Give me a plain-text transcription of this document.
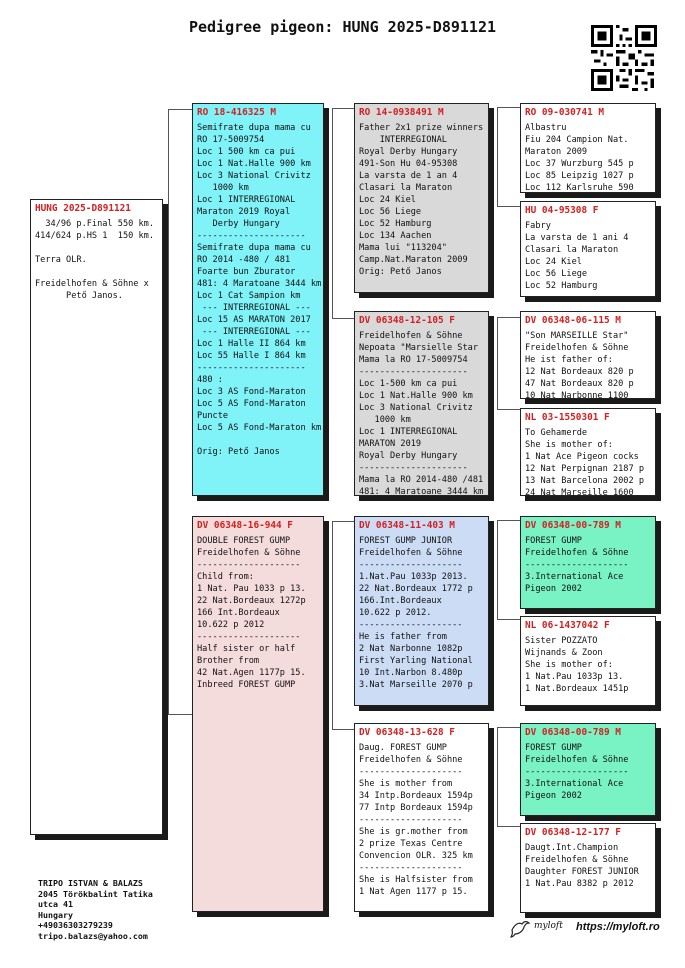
Pedigree pigeon: HUNG 2025-D891121
HUNG 2025-D891121
34/96 p.Final 550 km.
414/624 p.HS 1  150 km.

Terra OLR.

Freidelhofen & Söhne x
Pető Janos.
RO 18-416325 M
Semifrate dupa mama cu
RO 17-5009754
Loc 1 500 km ca pui
Loc 1 Nat.Halle 900 km
Loc 3 National Crivitz
1000 km
Loc 1 INTERREGIONAL
Maraton 2019 Royal
Derby Hungary
---------------------
Semifrate dupa mama cu
RO 2014 -480 / 481
Foarte bun Zburator
481: 4 Maratoane 3444 km
Loc 1 Cat Sampion km
--- INTERREGIONAL ---
Loc 15 AS MARATON 2017
--- INTERREGIONAL ---
Loc 1 Halle II 864 km
Loc 55 Halle I 864 km
---------------------
480 :
Loc 3 AS Fond-Maraton
Loc 5 AS Fond-Maraton
Puncte
Loc 5 AS Fond-Maraton km

Orig: Pető Janos
DV 06348-16-944 F
DOUBLE FOREST GUMP
Freidelhofen & Söhne
--------------------
Child from:
1 Nat. Pau 1033 p 13.
22 Nat.Bordeaux 1272p
166 Int.Bordeaux
10.622 p 2012
--------------------
Half sister or half
Brother from
42 Nat.Agen 1177p 15.
Inbreed FOREST GUMP
RO 14-0938491 M
Father 2x1 prize winners
INTERREGIONAL
Royal Derby Hungary
491-Son Hu 04-95308
La varsta de 1 an 4
Clasari la Maraton
Loc 24 Kiel
Loc 56 Liege
Loc 52 Hamburg
Loc 134 Aachen
Mama lui "113204"
Camp.Nat.Maraton 2009
Orig: Pető Janos
DV 06348-12-105 F
Freidelhofen & Söhne
Nepoata "Marsielle Star
Mama la RO 17-5009754
---------------------
Loc 1-500 km ca pui
Loc 1 Nat.Halle 900 km
Loc 3 National Crivitz
1000 km
Loc 1 INTERREGIONAL
MARATON 2019
Royal Derby Hungary
---------------------
Mama la RO 2014-480 /481
481: 4 Maratoane 3444 km
DV 06348-11-403 M
FOREST GUMP JUNIOR
Freidelhofen & Söhne
--------------------
1.Nat.Pau 1033p 2013.
22 Nat.Bordeaux 1772 p
166.Int.Bordeaux
10.622 p 2012.
--------------------
He is father from
2 Nat Narbonne 1082p
First Yarling National
10 Int.Narbon 8.480p
3.Nat Marseille 2070 p
DV 06348-13-628 F
Daug. FOREST GUMP
Freidelhofen & Söhne
--------------------
She is mother from
34 Intp.Bordeaux 1594p
77 Intp Bordeaux 1594p
--------------------
She is gr.mother from
2 prize Texas Centre
Convencion OLR. 325 km
--------------------
She is Halfsister from
1 Nat Agen 1177 p 15.
RO 09-030741 M
Albastru
Fiu 204 Campion Nat.
Maraton 2009
Loc 37 Wurzburg 545 p
Loc 85 Leipzig 1027 p
Loc 112 Karlsruhe 590
HU 04-95308 F
Fabry
La varsta de 1 ani 4
Clasari la Maraton
Loc 24 Kiel
Loc 56 Liege
Loc 52 Hamburg
DV 06348-06-115 M
"Son MARSEILLE Star"
Freidelhofen & Söhne
He ist father of:
12 Nat Bordeaux 820 p
47 Nat Bordeaux 820 p
10 Nat Narbonne 1100
NL 03-1550301 F
To Gehamerde
She is mother of:
1 Nat Ace Pigeon cocks
12 Nat Perpignan 2187 p
13 Nat Barcelona 2002 p
24 Nat Marseille 1600
DV 06348-00-789 M
FOREST GUMP
Freidelhofen & Söhne
--------------------
3.International Ace
Pigeon 2002
NL 06-1437042 F
Sister POZZATO
Wijnands & Zoon
She is mother of:
1 Nat.Pau 1033p 13.
1 Nat.Bordeaux 1451p
DV 06348-00-789 M
FOREST GUMP
Freidelhofen & Söhne
--------------------
3.International Ace
Pigeon 2002
DV 06348-12-177 F
Daugt.Int.Champion
Freidelhofen & Söhne
Daughter FOREST JUNIOR
1 Nat.Pau 8382 p 2012
TRIPO ISTVAN & BALAZS
2045 Törökbalint Tatika
utca 41
Hungary
+49036303279239
tripo.balazs@yahoo.com
myloft https://myloft.ro
